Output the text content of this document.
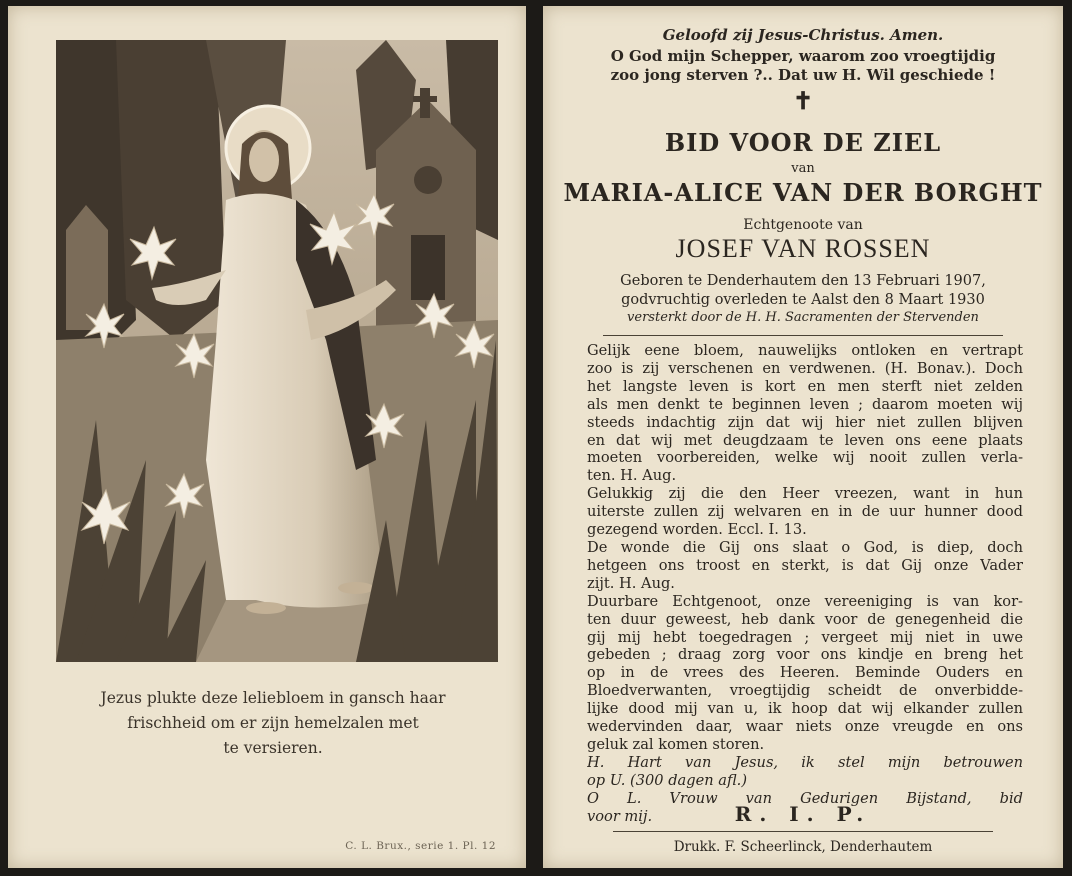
Jezus plukte deze leliebloem in gansch haar
frischheid om er zijn hemelzalen met
te versieren.
C. L. Brux., serie 1. Pl. 12
Geloofd zij Jesus-Christus. Amen.
O God mijn Schepper, waarom zoo vroegtijdig
zoo jong sterven ?.. Dat uw H. Wil geschiede !
✝
BID VOOR DE ZIEL
van
MARIA-ALICE VAN DER BORGHT
Echtgenoote van
JOSEF VAN ROSSEN
Geboren te Denderhautem den 13 Februari 1907,
godvruchtig overleden te Aalst den 8 Maart 1930
versterkt door de H. H. Sacramenten der Stervenden
Gelijk eene bloem, nauwelijks ontloken en vertrapt
zoo is zij verschenen en verdwenen. (H. Bonav.). Doch
het langste leven is kort en men sterft niet zelden
als men denkt te beginnen leven ; daarom moeten wij
steeds indachtig zijn dat wij hier niet zullen blijven
en dat wij met deugdzaam te leven ons eene plaats
moeten voorbereiden, welke wij nooit zullen verla-
ten. H. Aug.
Gelukkig zij die den Heer vreezen, want in hun
uiterste zullen zij welvaren en in de uur hunner dood
gezegend worden. Eccl. I. 13.
De wonde die Gij ons slaat o God, is diep, doch
hetgeen ons troost en sterkt, is dat Gij onze Vader
zijt. H. Aug.
Duurbare Echtgenoot, onze vereeniging is van kor-
ten duur geweest, heb dank voor de genegenheid die
gij mij hebt toegedragen ; vergeet mij niet in uwe
gebeden ; draag zorg voor ons kindje en breng het
op in de vrees des Heeren. Beminde Ouders en
Bloedverwanten, vroegtijdig scheidt de onverbidde-
lijke dood mij van u, ik hoop dat wij elkander zullen
wedervinden daar, waar niets onze vreugde en ons
geluk zal komen storen.
H. Hart van Jesus, ik stel mijn betrouwen
op U. (300 dagen afl.)
O L. Vrouw van Gedurigen Bijstand, bid
voor mij.	R. I. P.
Drukk. F. Scheerlinck, Denderhautem
